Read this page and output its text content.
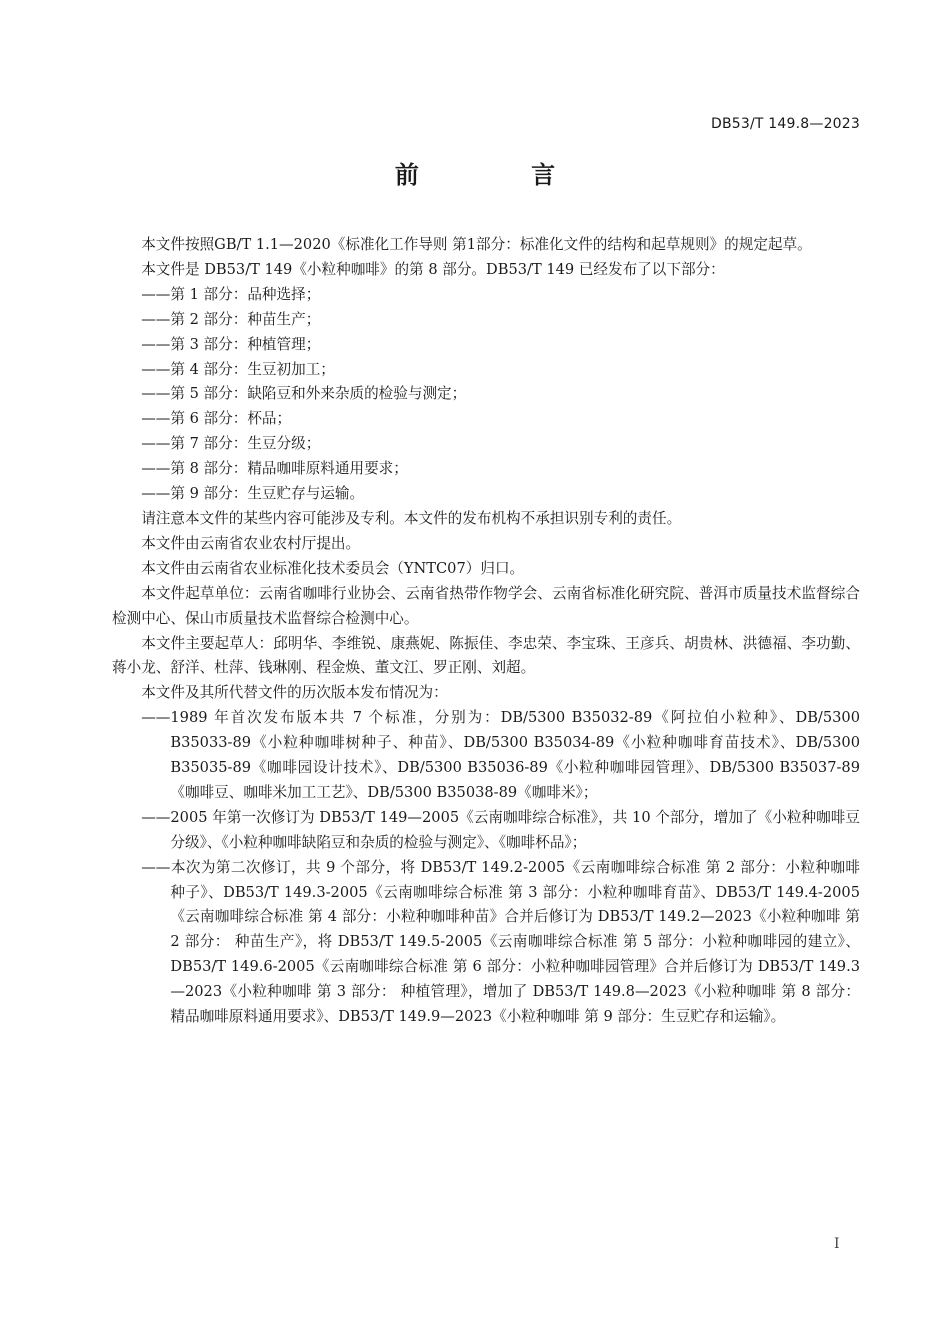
DB53/T 149.8—2023
前 言

本文件按照GB/T 1.1—2020《标准化工作导则 第1部分：标准化文件的结构和起草规则》的规定起草。

本文件是 DB53/T 149《小粒种咖啡》的第 8 部分。DB53/T 149 已经发布了以下部分：

——第 1 部分：品种选择；

——第 2 部分：种苗生产；

——第 3 部分：种植管理；

——第 4 部分：生豆初加工；

——第 5 部分：缺陷豆和外来杂质的检验与测定；

——第 6 部分：杯品；

——第 7 部分：生豆分级；

——第 8 部分：精品咖啡原料通用要求；

——第 9 部分：生豆贮存与运输。

请注意本文件的某些内容可能涉及专利。本文件的发布机构不承担识别专利的责任。

本文件由云南省农业农村厅提出。

本文件由云南省农业标准化技术委员会（YNTC07）归口。

本文件起草单位：云南省咖啡行业协会、云南省热带作物学会、云南省标准化研究院、普洱市质量技术监督综合检测中心、保山市质量技术监督综合检测中心。

本文件主要起草人：邱明华、李维锐、康燕妮、陈振佳、李忠荣、李宝珠、王彦兵、胡贵林、洪德福、李功勤、蒋小龙、舒洋、杜萍、钱琳刚、程金焕、董文江、罗正刚、刘超。

本文件及其所代替文件的历次版本发布情况为：

——1989 年首次发布版本共 7 个标准，分别为：DB/5300 B35032-89《阿拉伯小粒种》、DB/5300 B35033-89《小粒种咖啡树种子、种苗》、DB/5300 B35034-89《小粒种咖啡育苗技术》、DB/5300 B35035-89《咖啡园设计技术》、DB/5300 B35036-89《小粒种咖啡园管理》、DB/5300 B35037-89《咖啡豆、咖啡米加工工艺》、DB/5300 B35038-89《咖啡米》；

——2005 年第一次修订为 DB53/T 149—2005《云南咖啡综合标准》，共 10 个部分，增加了《小粒种咖啡豆分级》、《小粒种咖啡缺陷豆和杂质的检验与测定》、《咖啡杯品》；

——本次为第二次修订，共 9 个部分，将 DB53/T 149.2-2005《云南咖啡综合标准 第 2 部分：小粒种咖啡 种子》、DB53/T 149.3-2005《云南咖啡综合标准 第 3 部分：小粒种咖啡育苗》、DB53/T 149.4-2005《云南咖啡综合标准 第 4 部分：小粒种咖啡种苗》合并后修订为 DB53/T 149.2—2023《小粒种咖啡 第 2 部分： 种苗生产》，将 DB53/T 149.5-2005《云南咖啡综合标准 第 5 部分：小粒种咖啡园的建立》、DB53/T 149.6-2005《云南咖啡综合标准 第 6 部分：小粒种咖啡园管理》合并后修订为 DB53/T 149.3—2023《小粒种咖啡 第 3 部分： 种植管理》，增加了 DB53/T 149.8—2023《小粒种咖啡 第 8 部分：精品咖啡原料通用要求》、DB53/T 149.9—2023《小粒种咖啡 第 9 部分：生豆贮存和运输》。

I
